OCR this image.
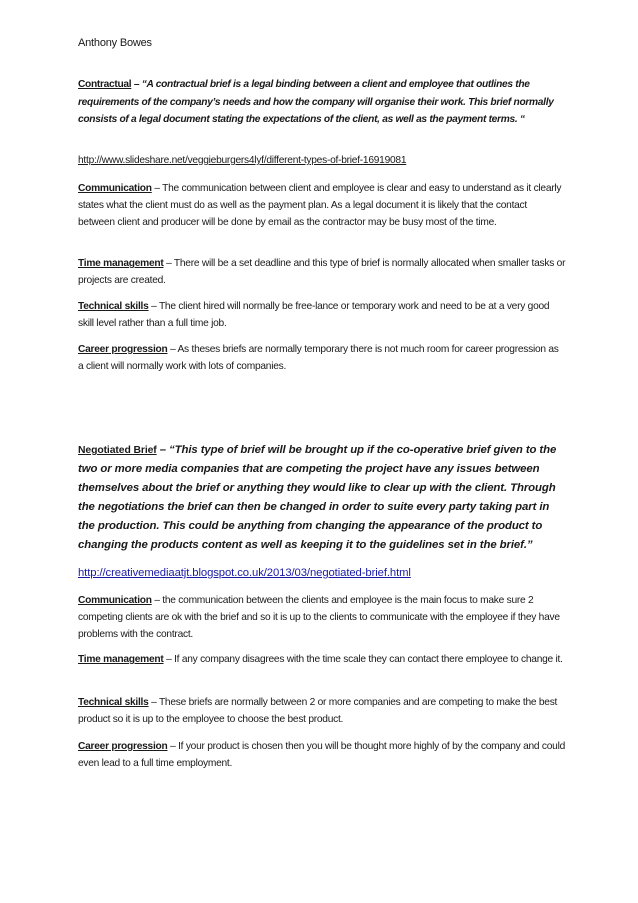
Anthony Bowes

Contractual – “A contractual brief is a legal binding between a client and employee that outlines the requirements of the company’s needs and how the company will organise their work. This brief normally consists of a legal document stating the expectations of the client, as well as the payment terms. “

http://www.slideshare.net/veggieburgers4lyf/different-types-of-brief-16919081

Communication – The communication between client and employee is clear and easy to understand as it clearly states what the client must do as well as the payment plan. As a legal document it is likely that the contact between client and producer will be done by email as the contractor may be busy most of the time.

Time management – There will be a set deadline and this type of brief is normally allocated when smaller tasks or projects are created.

Technical skills – The client hired will normally be free-lance or temporary work and need to be at a very good skill level rather than a full time job.

Career progression – As theses briefs are normally temporary there is not much room for career progression as a client will normally work with lots of companies.

Negotiated Brief – “This type of brief will be brought up if the co-operative brief given to the two or more media companies that are competing the project have any issues between themselves about the brief or anything they would like to clear up with the client. Through the negotiations the brief can then be changed in order to suite every party taking part in the production. This could be anything from changing the appearance of the product to changing the products content as well as keeping it to the guidelines set in the brief.”

http://creativemediaatjt.blogspot.co.uk/2013/03/negotiated-brief.html

Communication – the communication between the clients and employee is the main focus to make sure 2 competing clients are ok with the brief and so it is up to the clients to communicate with the employee if they have problems with the contract.

Time management – If any company disagrees with the time scale they can contact there employee to change it.

Technical skills – These briefs are normally between 2 or more companies and are competing to make the best product so it is up to the employee to choose the best product.

Career progression – If your product is chosen then you will be thought more highly of by the company and could even lead to a full time employment.
